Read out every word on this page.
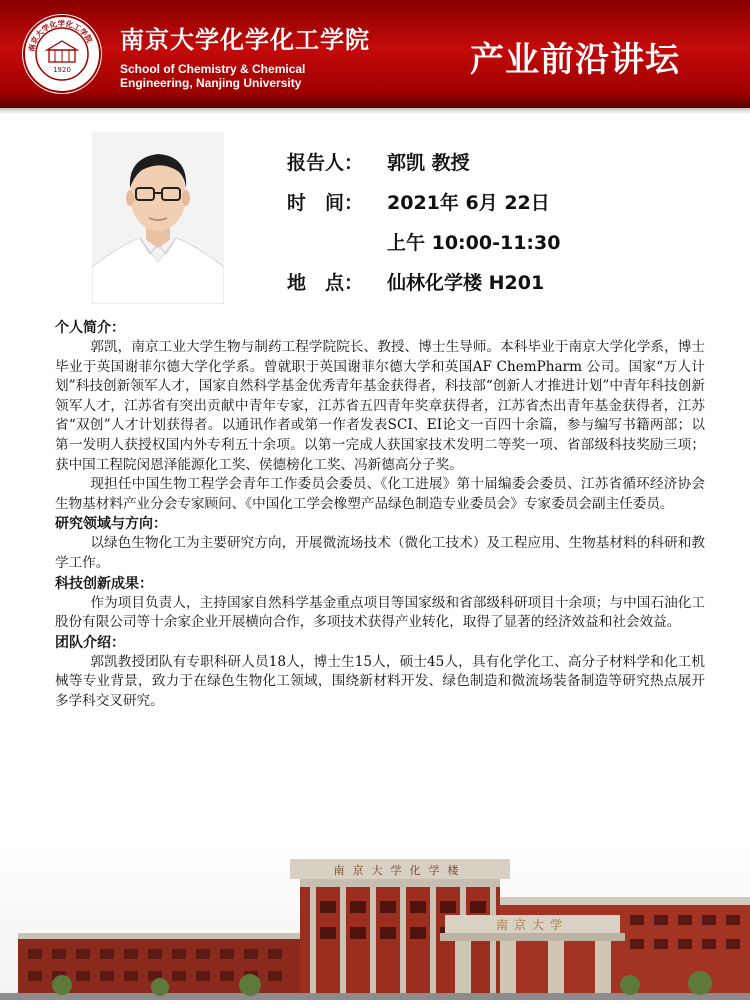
南京大学化学化工学院
1920
南京大学化学化工学院
School of Chemistry & Chemical
Engineering, Nanjing University
产业前沿讲坛
报告人： 郭凯 教授
时　间： 2021年 6月 22日
上午 10:00-11:30
地　点： 仙林化学楼 H201

个人简介：

郭凯，南京工业大学生物与制药工程学院院长、教授、博士生导师。本科毕业于南京大学化学系，博士毕业于英国谢菲尔德大学化学系。曾就职于英国谢菲尔德大学和英国AF ChemPharm 公司。国家“万人计划”科技创新领军人才，国家自然科学基金优秀青年基金获得者，科技部“创新人才推进计划”中青年科技创新领军人才，江苏省有突出贡献中青年专家，江苏省五四青年奖章获得者，江苏省杰出青年基金获得者，江苏省“双创”人才计划获得者。以通讯作者或第一作者发表SCI、EI论文一百四十余篇，参与编写书籍两部；以第一发明人获授权国内外专利五十余项。以第一完成人获国家技术发明二等奖一项、省部级科技奖励三项；获中国工程院闵恩泽能源化工奖、侯德榜化工奖、冯新德高分子奖。

现担任中国生物工程学会青年工作委员会委员、《化工进展》第十届编委会委员、江苏省循环经济协会生物基材料产业分会专家顾问、《中国化工学会橡塑产品绿色制造专业委员会》专家委员会副主任委员。

研究领域与方向：

以绿色生物化工为主要研究方向，开展微流场技术（微化工技术）及工程应用、生物基材料的科研和教学工作。

科技创新成果：

作为项目负责人，主持国家自然科学基金重点项目等国家级和省部级科研项目十余项；与中国石油化工股份有限公司等十余家企业开展横向合作，多项技术获得产业转化，取得了显著的经济效益和社会效益。

团队介绍：

郭凯教授团队有专职科研人员18人，博士生15人，硕士45人，具有化学化工、高分子材料学和化工机械等专业背景，致力于在绿色生物化工领域，围绕新材料开发、绿色制造和微流场装备制造等研究热点展开多学科交叉研究。

南京大学化学楼
南京大学
